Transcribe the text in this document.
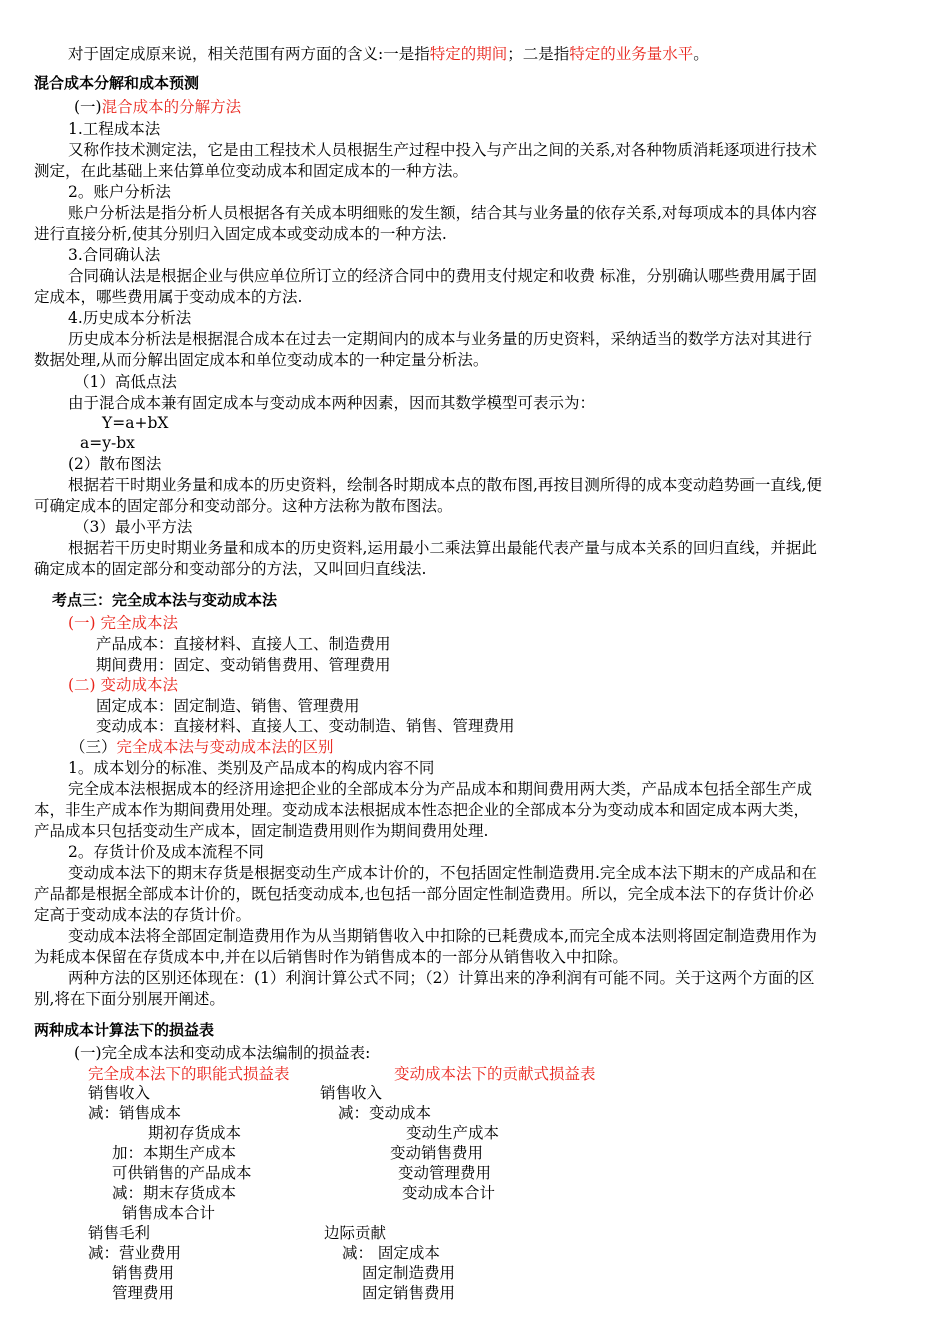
对于固定成原来说，相关范围有两方面的含义:一是指特定的期间；二是指特定的业务量水平。
混合成本分解和成本预测
(一)混合成本的分解方法
1.工程成本法
又称作技术测定法，它是由工程技术人员根据生产过程中投入与产出之间的关系,对各种物质消耗逐项进行技术
测定，在此基础上来估算单位变动成本和固定成本的一种方法。
2。账户分析法
账户分析法是指分析人员根据各有关成本明细账的发生额，结合其与业务量的依存关系,对每项成本的具体内容
进行直接分析,使其分别归入固定成本或变动成本的一种方法.
3.合同确认法
合同确认法是根据企业与供应单位所订立的经济合同中的费用支付规定和收费 标准，分别确认哪些费用属于固
定成本，哪些费用属于变动成本的方法.
4.历史成本分析法
历史成本分析法是根据混合成本在过去一定期间内的成本与业务量的历史资料，采纳适当的数学方法对其进行
数据处理,从而分解出固定成本和单位变动成本的一种定量分析法。
（1）高低点法
由于混合成本兼有固定成本与变动成本两种因素，因而其数学模型可表示为：
Y=a+bX
a=y-bx
(2）散布图法
根据若干时期业务量和成本的历史资料，绘制各时期成本点的散布图,再按目测所得的成本变动趋势画一直线,便
可确定成本的固定部分和变动部分。这种方法称为散布图法。
（3）最小平方法
根据若干历史时期业务量和成本的历史资料,运用最小二乘法算出最能代表产量与成本关系的回归直线，并据此
确定成本的固定部分和变动部分的方法，又叫回归直线法.
考点三：完全成本法与变动成本法
(一) 完全成本法
产品成本：直接材料、直接人工、制造费用
期间费用：固定、变动销售费用、管理费用
(二) 变动成本法
固定成本：固定制造、销售、管理费用
变动成本：直接材料、直接人工、变动制造、销售、管理费用
（三）完全成本法与变动成本法的区别
1。成本划分的标准、类别及产品成本的构成内容不同
完全成本法根据成本的经济用途把企业的全部成本分为产品成本和期间费用两大类，产品成本包括全部生产成
本，非生产成本作为期间费用处理。变动成本法根据成本性态把企业的全部成本分为变动成本和固定成本两大类，
产品成本只包括变动生产成本，固定制造费用则作为期间费用处理.
2。存货计价及成本流程不同
变动成本法下的期末存货是根据变动生产成本计价的，不包括固定性制造费用.完全成本法下期末的产成品和在
产品都是根据全部成本计价的，既包括变动成本,也包括一部分固定性制造费用。所以，完全成本法下的存货计价必
定高于变动成本法的存货计价。
变动成本法将全部固定制造费用作为从当期销售收入中扣除的已耗费成本,而完全成本法则将固定制造费用作为
为耗成本保留在存货成本中,并在以后销售时作为销售成本的一部分从销售收入中扣除。
两种方法的区别还体现在：(1）利润计算公式不同；（2）计算出来的净利润有可能不同。关于这两个方面的区
别,将在下面分别展开阐述。
两种成本计算法下的损益表
(一)完全成本法和变动成本法编制的损益表:
完全成本法下的职能式损益表	变动成本法下的贡献式损益表
销售收入
减：销售成本
期初存货成本
加：本期生产成本
可供销售的产品成本
减：期末存货成本
销售成本合计
销售毛利
减：营业费用
销售费用
管理费用
销售收入
减：变动成本
变动生产成本
变动销售费用
变动管理费用
变动成本合计
边际贡献
减： 固定成本
固定制造费用
固定销售费用
